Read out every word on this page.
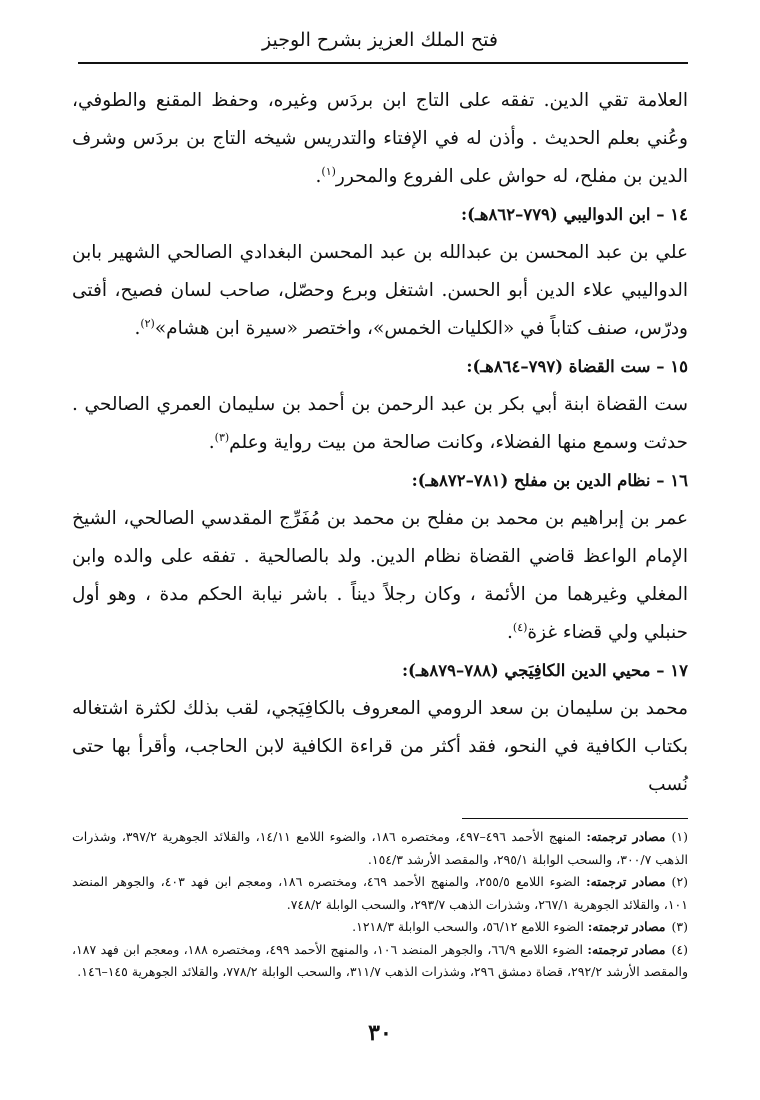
فتح الملك العزيز بشرح الوجيز

العلامة تقي الدين. تفقه على التاج ابن بردَس وغيره، وحفظ المقنع والطوفي، وعُني بعلم الحديث . وأذن له في الإفتاء والتدريس شيخه التاج بن بردَس وشرف الدين بن مفلح، له حواش على الفروع والمحرر$^{(١)}$.

١٤ – ابن الدواليبي (٧٧٩–٨٦٢هـ):

علي بن عبد المحسن بن عبدالله بن عبد المحسن البغدادي الصالحي الشهير بابن الدواليبي علاء الدين أبو الحسن. اشتغل وبرع وحصّل، صاحب لسان فصيح، أفتى ودرّس، صنف كتاباً في «الكليات الخمس»، واختصر «سيرة ابن هشام»$^{(٢)}$.

١٥ – ست القضاة (٧٩٧–٨٦٤هـ):

ست القضاة ابنة أبي بكر بن عبد الرحمن بن أحمد بن سليمان العمري الصالحي . حدثت وسمع منها الفضلاء، وكانت صالحة من بيت رواية وعلم$^{(٣)}$.

١٦ – نظام الدين بن مفلح (٧٨١–٨٧٢هـ):

عمر بن إبراهيم بن محمد بن مفلح بن محمد بن مُفَرِّج المقدسي الصالحي، الشيخ الإمام الواعظ قاضي القضاة نظام الدين. ولد بالصالحية . تفقه على والده وابن المغلي وغيرهما من الأئمة ، وكان رجلاً ديناً . باشر نيابة الحكم مدة ، وهو أول حنبلي ولي قضاء غزة$^{(٤)}$.

١٧ – محيي الدين الكافِيَجي (٧٨٨–٨٧٩هـ):

محمد بن سليمان بن سعد الرومي المعروف بالكافِيَجي، لقب بذلك لكثرة اشتغاله بكتاب الكافية في النحو، فقد أكثر من قراءة الكافية لابن الحاجب، وأقرأ بها حتى نُسب

(١)مصادر ترجمته: المنهج الأحمد ٤٩٦–٤٩٧، ومختصره ١٨٦، والضوء اللامع ١٤/١١، والقلائد الجوهرية ٣٩٧/٢، وشذرات الذهب ٣٠٠/٧، والسحب الوابلة ٢٩٥/١، والمقصد الأرشد ١٥٤/٣.

(٢)مصادر ترجمته: الضوء اللامع ٢٥٥/٥، والمنهج الأحمد ٤٦٩، ومختصره ١٨٦، ومعجم ابن فهد ٤٠٣، والجوهر المنضد ١٠١، والقلائد الجوهرية ٢٦٧/١، وشذرات الذهب ٢٩٣/٧، والسحب الوابلة ٧٤٨/٢.

(٣)مصادر ترجمته: الضوء اللامع ٥٦/١٢، والسحب الوابلة ١٢١٨/٣.

(٤)مصادر ترجمته: الضوء اللامع ٦٦/٩، والجوهر المنضد ١٠٦، والمنهج الأحمد ٤٩٩، ومختصره ١٨٨، ومعجم ابن فهد ١٨٧، والمقصد الأرشد ٢٩٢/٢، قضاة دمشق ٢٩٦، وشذرات الذهب ٣١١/٧، والسحب الوابلة ٧٧٨/٢، والقلائد الجوهرية ١٤٥–١٤٦.

٣٠
